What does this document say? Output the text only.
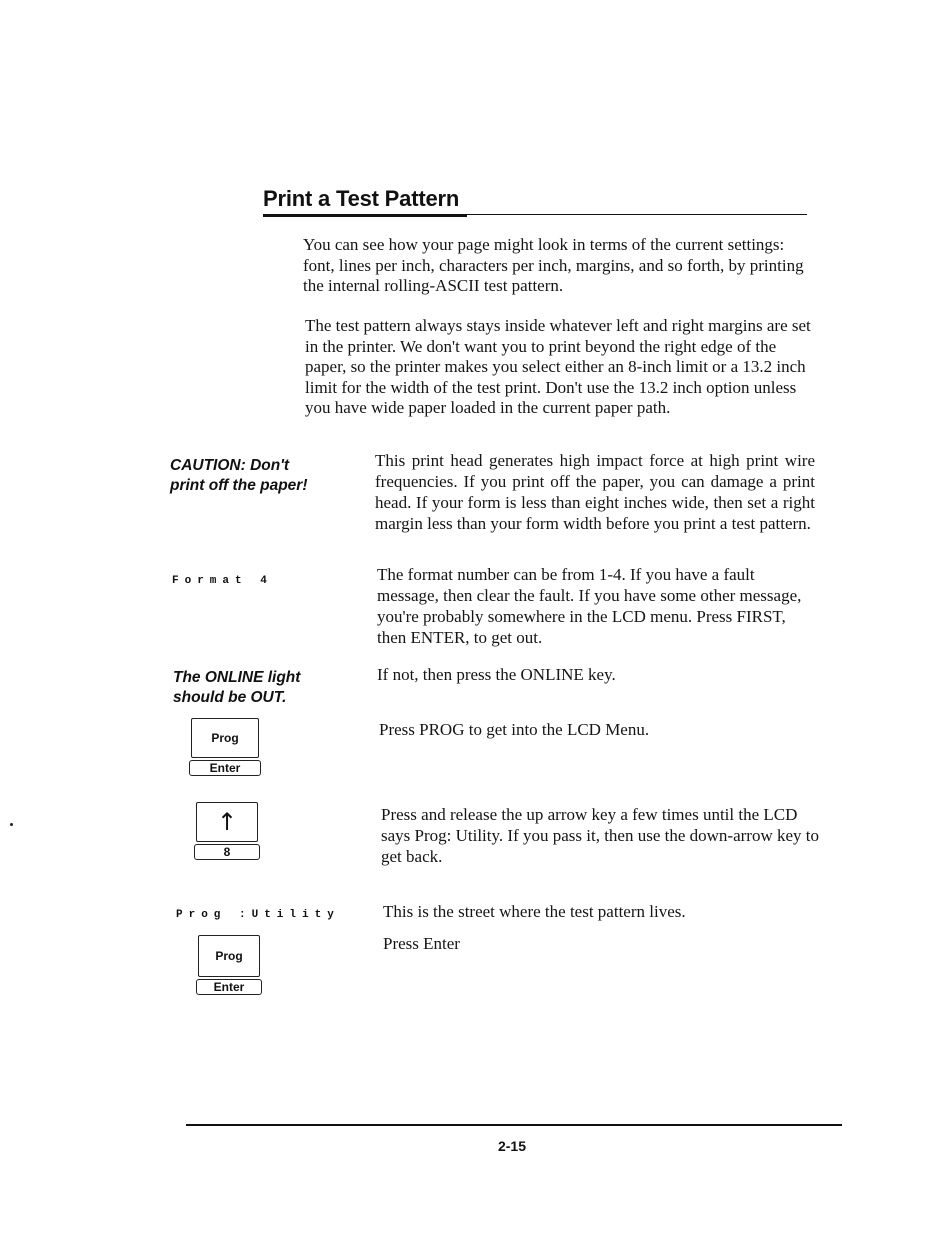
Print a Test Pattern
You can see how your page might look in terms of the current settings: font, lines per inch, characters per inch, margins, and so forth, by printing the internal rolling-ASCII test pattern.
The test pattern always stays inside whatever left and right margins are set in the printer. We don't want you to print beyond the right edge of the paper, so the printer makes you select either an 8-inch limit or a 13.2 inch limit for the width of the test print. Don't use the 13.2 inch option unless you have wide paper loaded in the current paper path.
CAUTION: Don't
print off the paper!
This print head generates high impact force at high print wire frequencies. If you print off the paper, you can damage a print head. If your form is less than eight inches wide, then set a right margin less than your form width before you print a test pattern.
Format 4	The format number can be from 1-4. If you have a fault message, then clear the fault. If you have some other message, you're probably somewhere in the LCD menu. Press FIRST, then ENTER, to get out.
The ONLINE light
should be OUT.
If not, then press the ONLINE key.
Prog
Enter
Press PROG to get into the LCD Menu.
↑
8
Press and release the up arrow key a few times until the LCD says Prog: Utility. If you pass it, then use the down-arrow key to get back.
Prog :Utility	This is the street where the test pattern lives.
Prog
Enter
Press Enter
2-15
